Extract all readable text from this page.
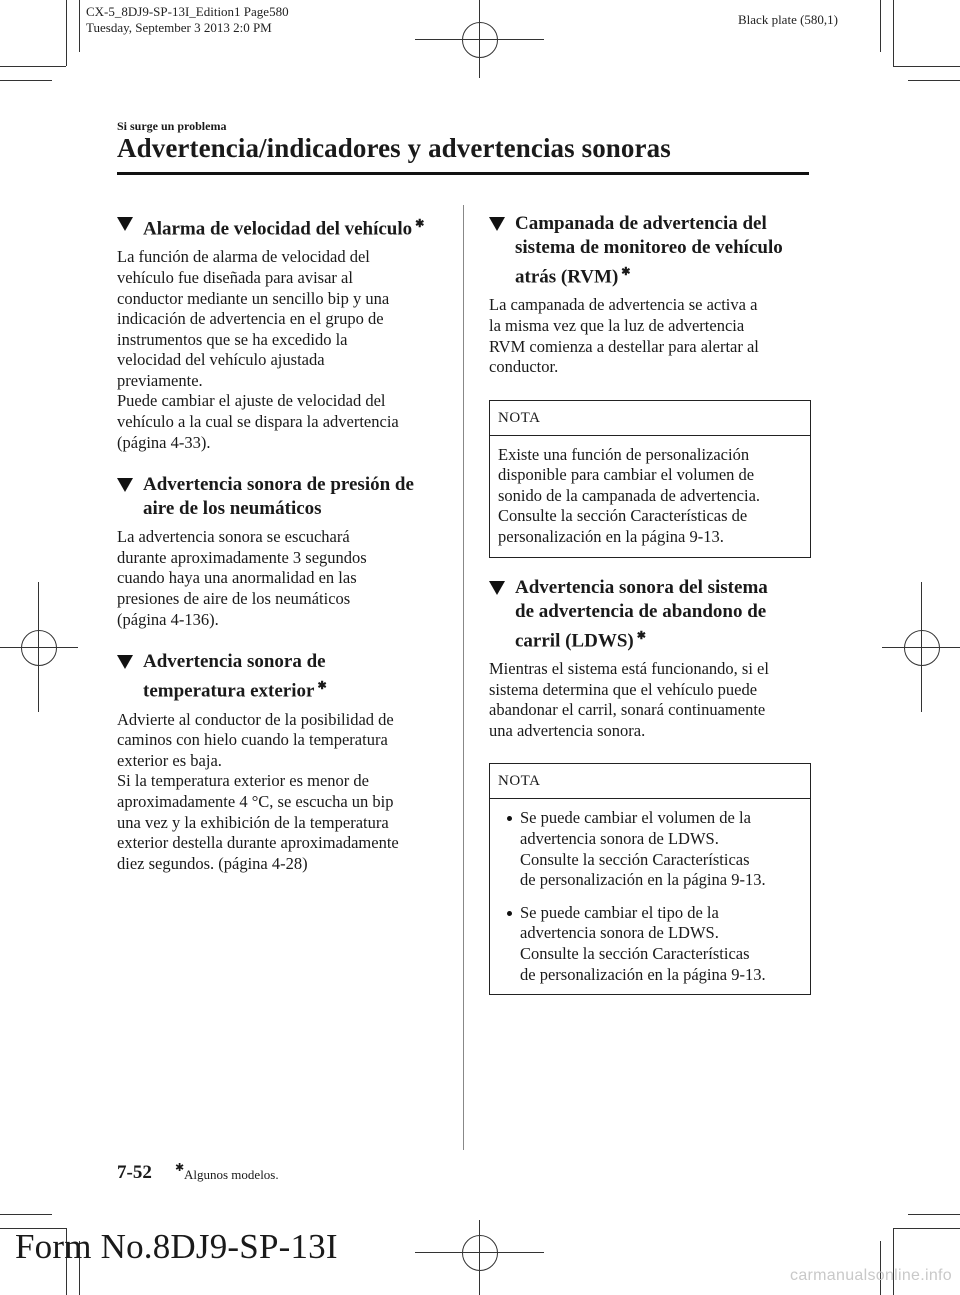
CX-5_8DJ9-SP-13I_Edition1 Page580
Tuesday, September 3 2013 2:0 PM
Black plate (580,1)
Si surge un problema
Advertencia/indicadores y advertencias sonoras
Alarma de velocidad del vehículo ✱

La función de alarma de velocidad del
vehículo fue diseñada para avisar al
conductor mediante un sencillo bip y una
indicación de advertencia en el grupo de
instrumentos que se ha excedido la
velocidad del vehículo ajustada
previamente.
Puede cambiar el ajuste de velocidad del
vehículo a la cual se dispara la advertencia
(página 4-33).

Advertencia sonora de presión de
aire de los neumáticos

La advertencia sonora se escuchará
durante aproximadamente 3 segundos
cuando haya una anormalidad en las
presiones de aire de los neumáticos
(página 4-136).

Advertencia sonora de
temperatura exterior ✱

Advierte al conductor de la posibilidad de
caminos con hielo cuando la temperatura
exterior es baja.
Si la temperatura exterior es menor de
aproximadamente 4 °C, se escucha un bip
una vez y la exhibición de la temperatura
exterior destella durante aproximadamente
diez segundos. (página 4-28)

Campanada de advertencia del
sistema de monitoreo de vehículo
atrás (RVM) ✱

La campanada de advertencia se activa a
la misma vez que la luz de advertencia
RVM comienza a destellar para alertar al
conductor.

NOTA
Existe una función de personalización
disponible para cambiar el volumen de
sonido de la campanada de advertencia.
Consulte la sección Características de
personalización en la página 9-13.
Advertencia sonora del sistema
de advertencia de abandono de
carril (LDWS) ✱

Mientras el sistema está funcionando, si el
sistema determina que el vehículo puede
abandonar el carril, sonará continuamente
una advertencia sonora.

NOTA
Se puede cambiar el volumen de la
advertencia sonora de LDWS.
Consulte la sección Características
de personalización en la página 9-13.
Se puede cambiar el tipo de la
advertencia sonora de LDWS.
Consulte la sección Características
de personalización en la página 9-13.
7-52 ✱ Algunos modelos.
Form No.8DJ9-SP-13I
carmanualsonline.info
